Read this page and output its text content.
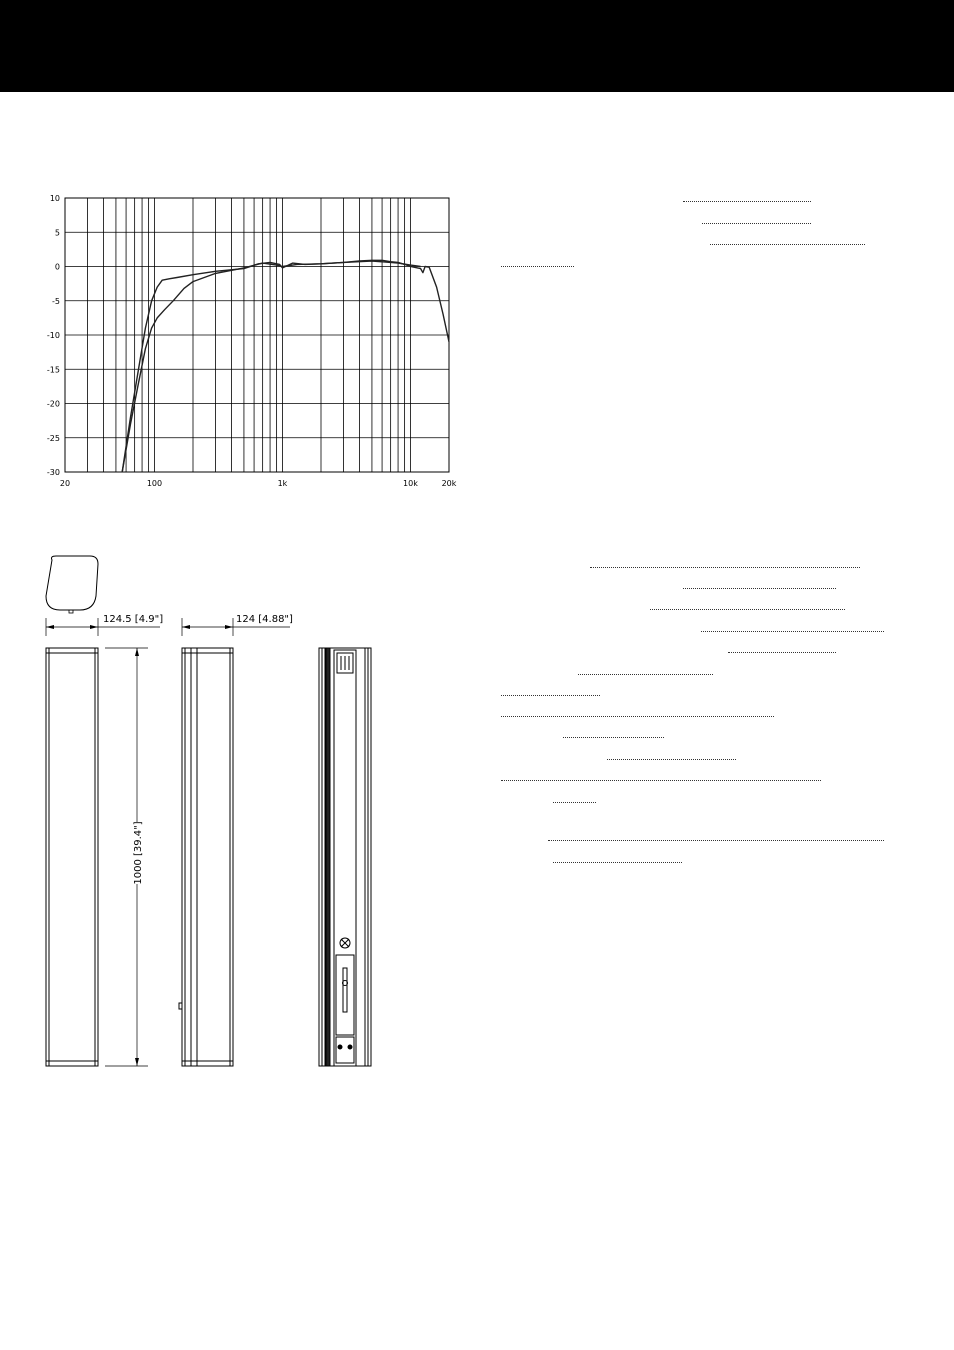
10
5
0
-5
-10
-15
-20
-25
-30
20	100	1k	10k	20k
1000 [39.4"]
124.5 [4.9"]	124 [4.88"]
